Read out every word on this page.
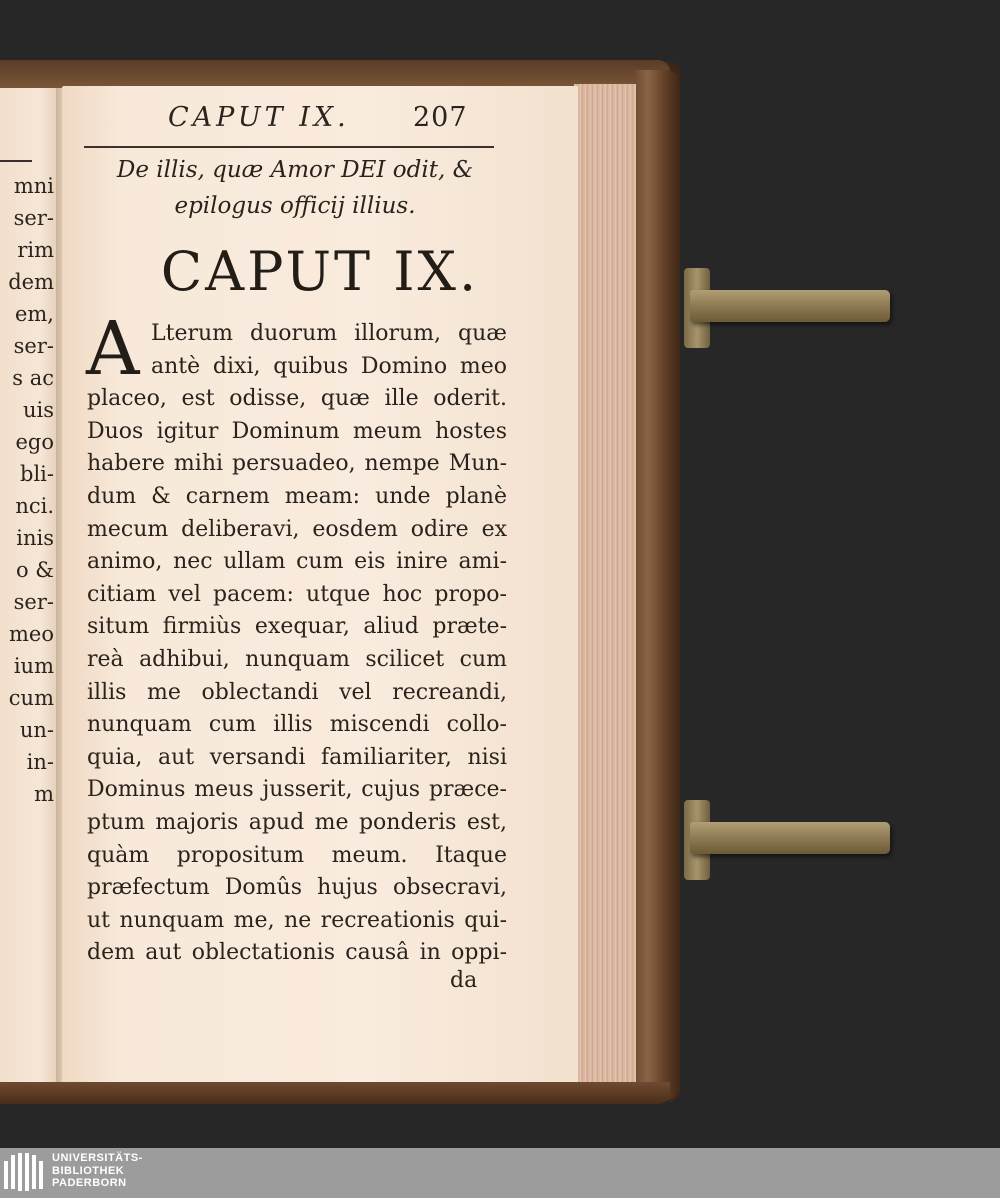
mni
ser-
rim
dem
em,
ser-
s ac
uis
ego
bli-
nci.
inis
o &
ser-
meo
ium
cum
un-
in-
m
CAPUT IX. 207
De illis, quæ Amor DEI odit, &
epilogus officij illius.
CAPUT IX.
A Lterum duorum illorum, quæ
antè dixi, quibus Domino meo
placeo, est odisse, quæ ille oderit.
Duos igitur Dominum meum hostes
habere mihi persuadeo, nempe Mun-
dum & carnem meam: unde planè
mecum deliberavi, eosdem odire ex
animo, nec ullam cum eis inire ami-
citiam vel pacem: utque hoc propo-
situm firmiùs exequar, aliud præte-
reà adhibui, nunquam scilicet cum
illis me oblectandi vel recreandi,
nunquam cum illis miscendi collo-
quia, aut versandi familiariter, nisi
Dominus meus jusserit, cujus præce-
ptum majoris apud me ponderis est,
quàm propositum meum. Itaque
præfectum Domûs hujus obsecravi,
ut nunquam me, ne recreationis qui-
dem aut oblectationis causâ in oppi-
da
UNIVERSITÄTS-
BIBLIOTHEK
PADERBORN
